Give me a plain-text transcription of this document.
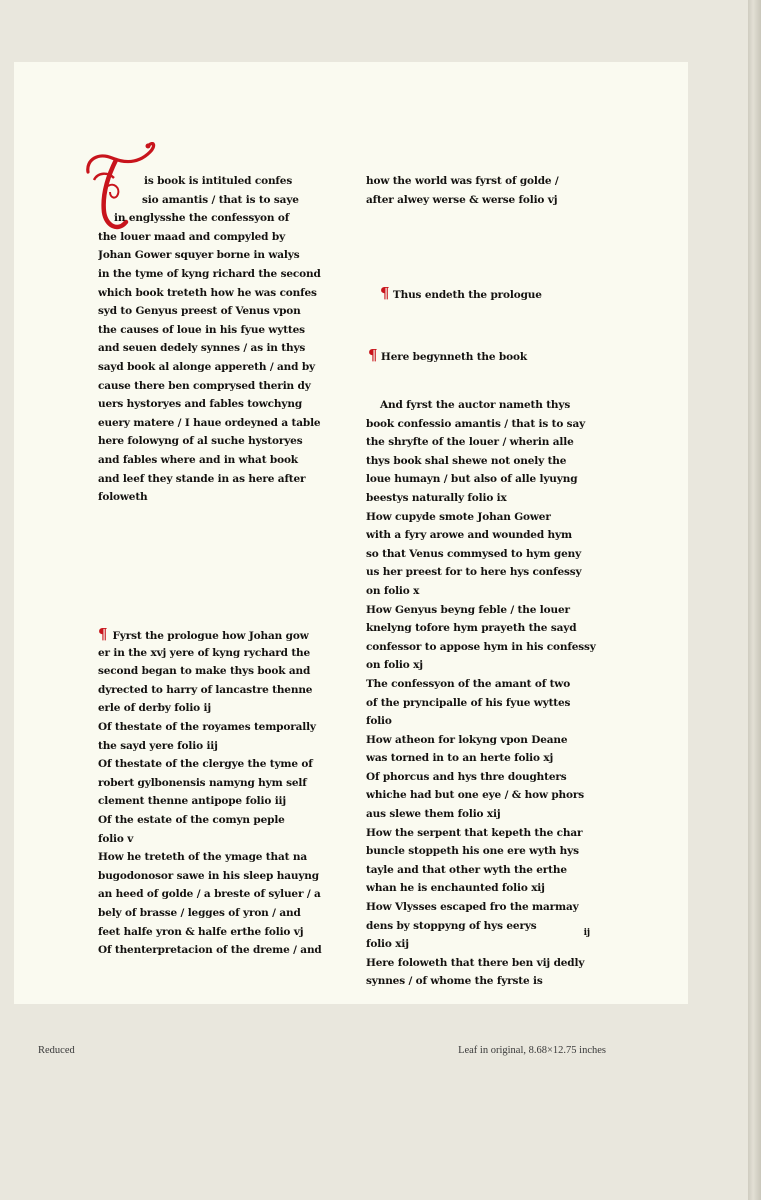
is book is intituled confes
sio amantis / that is to saye
in englysshe the confessyon of
the louer maad and compyled by
Johan Gower squyer borne in walys
in the tyme of kyng richard the second
which book treteth how he was confes
syd to Genyus preest of Venus vpon
the causes of loue in his fyue wyttes
and seuen dedely synnes / as in thys
sayd book al alonge appereth / and by
cause there ben comprysed therin dy
uers hystoryes and fables towchyng
euery matere / I haue ordeyned a table
here folowyng of al suche hystoryes
and fables where and in what book
and leef they stande in as here after
foloweth
¶ Fyrst the prologue how Johan gow
er in the xvj yere of kyng rychard the
second began to make thys book and
dyrected to harry of lancastre thenne
erle of derby folio ij
Of thestate of the royames temporally
the sayd yere folio iij
Of thestate of the clergye the tyme of
robert gylbonensis namyng hym self
clement thenne antipope folio iij
Of the estate of the comyn peple
folio v
How he treteth of the ymage that na
bugodonosor sawe in his sleep hauyng
an heed of golde / a breste of syluer / a
bely of brasse / legges of yron / and
feet halfe yron & halfe erthe folio vj
Of thenterpretacion of the dreme / and
how the world was fyrst of golde /
after alwey werse & werse folio vj
¶ Thus endeth the prologue
¶ Here begynneth the book
And fyrst the auctor nameth thys
book confessio amantis / that is to say
the shryfte of the louer / wherin alle
thys book shal shewe not onely the
loue humayn / but also of alle lyuyng
beestys naturally folio ix
How cupyde smote Johan Gower
with a fyry arowe and wounded hym
so that Venus commysed to hym geny
us her preest for to here hys confessy
on folio x
How Genyus beyng feble / the louer
knelyng tofore hym prayeth the sayd
confessor to appose hym in his confessy
on folio xj
The confessyon of the amant of two
of the pryncipalle of his fyue wyttes
folio
How atheon for lokyng vpon Deane
was torned in to an herte folio xj
Of phorcus and hys thre doughters
whiche had but one eye / & how phors
aus slewe them folio xij
How the serpent that kepeth the char
buncle stoppeth his one ere wyth hys
tayle and that other wyth the erthe
whan he is enchaunted folio xij
How Vlysses escaped fro the marmay
dens by stoppyng of hys eerys
folio xij
Here foloweth that there ben vij dedly
synnes / of whome the fyrste is
ij
Reduced	Leaf in original, 8.68×12.75 inches
